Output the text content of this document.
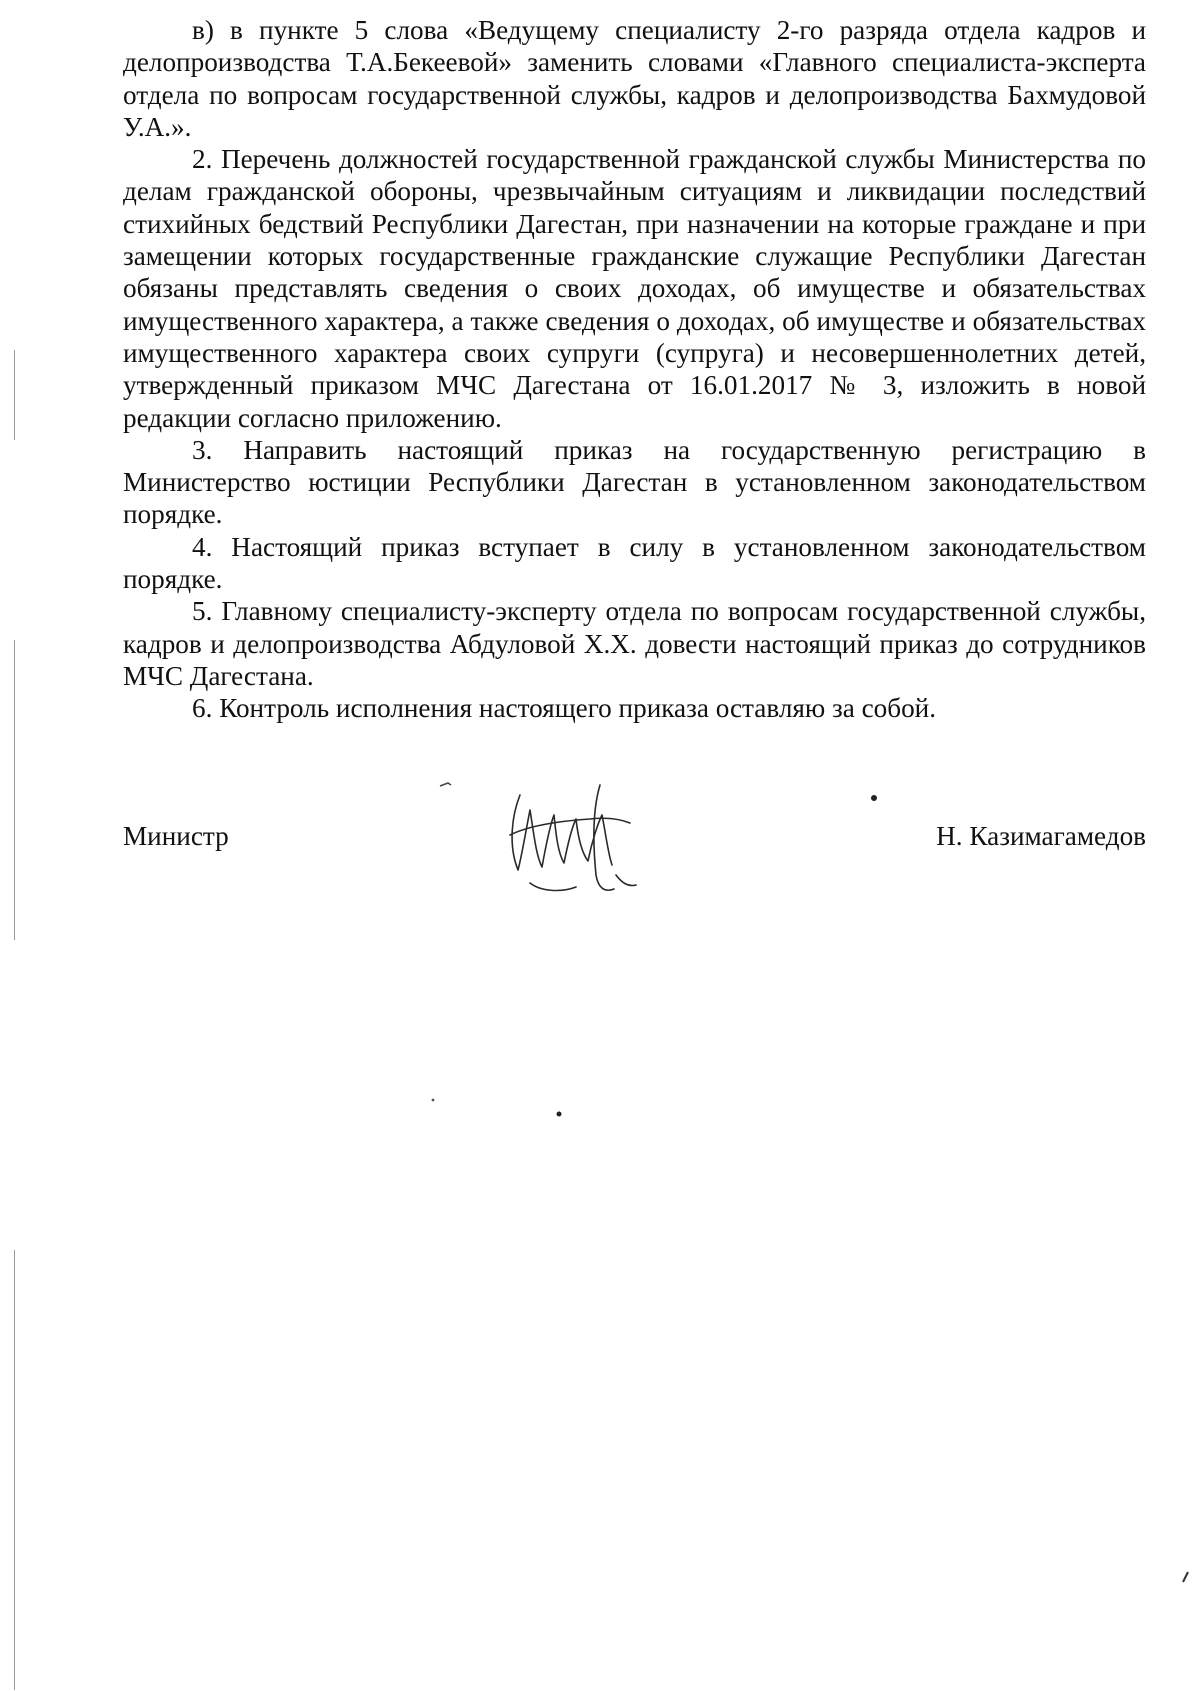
в) в пункте 5 слова «Ведущему специалисту 2-го разряда отдела кадров и делопроизводства Т.А.Бекеевой» заменить словами «Главного специалиста-эксперта отдела по вопросам государственной службы, кадров и делопроизводства Бахмудовой У.А.».

2. Перечень должностей государственной гражданской службы Министерства по делам гражданской обороны, чрезвычайным ситуациям и ликвидации последствий стихийных бедствий Республики Дагестан, при назначении на которые граждане и при замещении которых государственные гражданские служащие Республики Дагестан обязаны представлять сведения о своих доходах, об имуществе и обязательствах имущественного характера, а также сведения о доходах, об имуществе и обязательствах имущественного характера своих супруги (супруга) и несовершеннолетних детей, утвержденный приказом МЧС Дагестана от 16.01.2017 № 3, изложить в новой редакции согласно приложению.

3. Направить настоящий приказ на государственную регистрацию в Министерство юстиции Республики Дагестан в установленном законодательством порядке.

4. Настоящий приказ вступает в силу в установленном законодательством порядке.

5. Главному специалисту-эксперту отдела по вопросам государственной службы, кадров и делопроизводства Абдуловой Х.Х. довести настоящий приказ до сотрудников МЧС Дагестана.

6. Контроль исполнения настоящего приказа оставляю за собой.

Министр	Н. Казимагамедов
